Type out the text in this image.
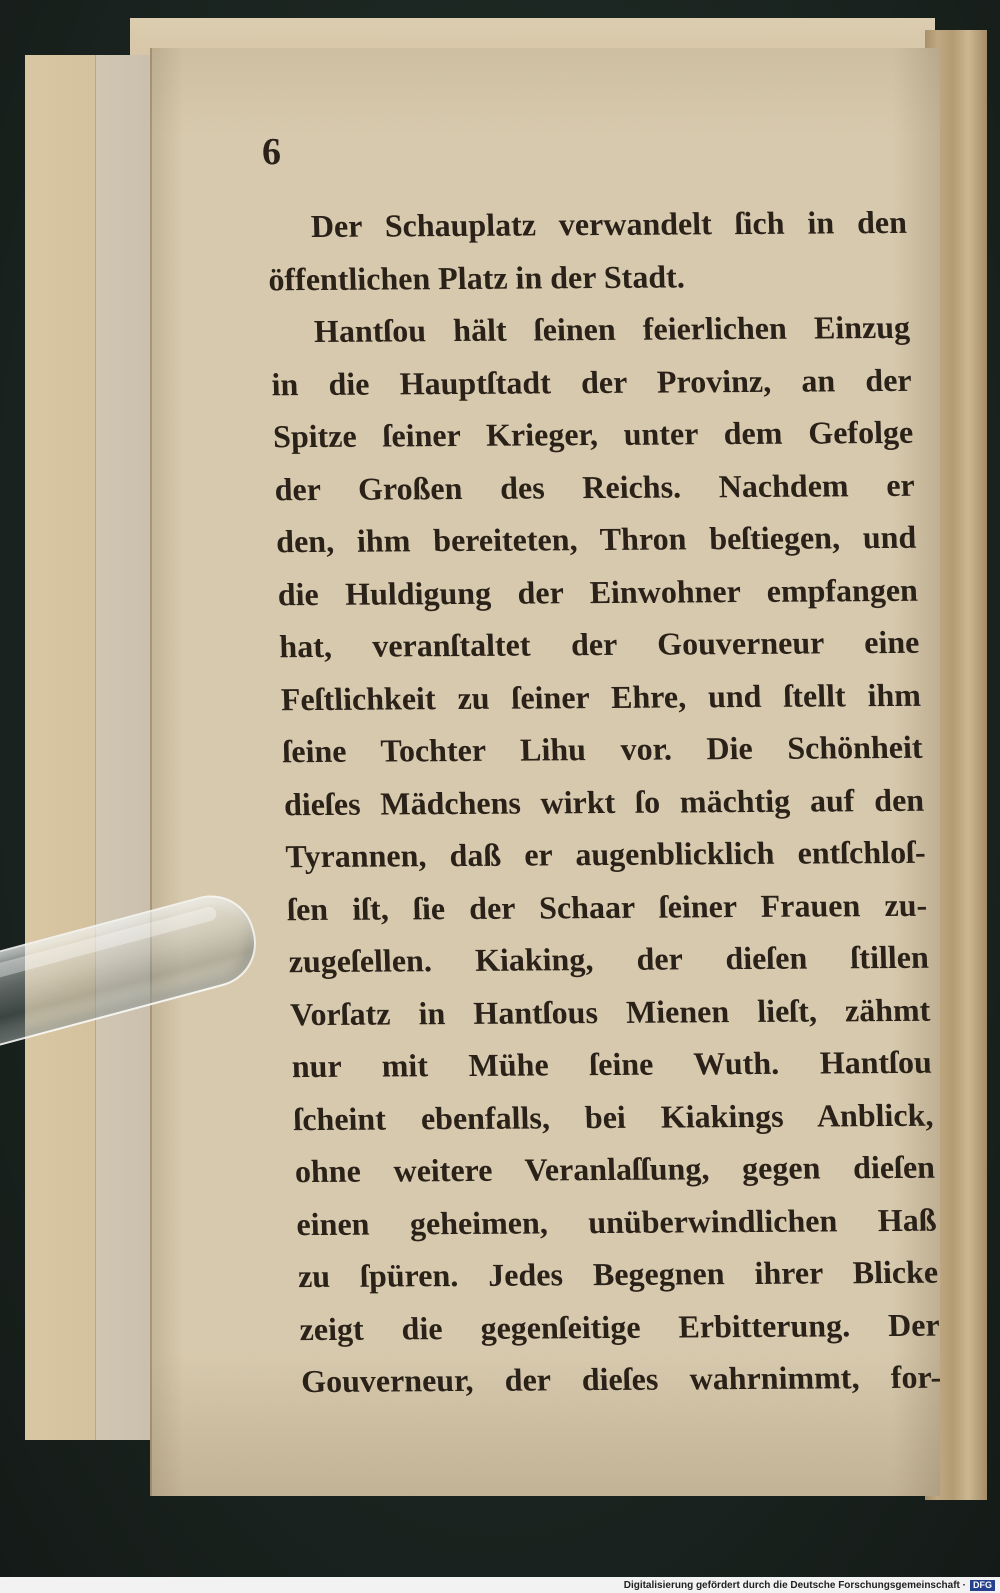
6
Der Schauplatz verwandelt ſich in den
öffentlichen Platz in der Stadt.
Hantſou hält ſeinen feierlichen Einzug
in die Hauptſtadt der Provinz, an der
Spitze ſeiner Krieger, unter dem Gefolge
der Großen des Reichs. Nachdem er
den, ihm bereiteten, Thron beſtiegen, und
die Huldigung der Einwohner empfangen
hat, veranſtaltet der Gouverneur eine
Feſtlichkeit zu ſeiner Ehre, und ſtellt ihm
ſeine Tochter Lihu vor. Die Schönheit
dieſes Mädchens wirkt ſo mächtig auf den
Tyrannen, daß er augenblicklich entſchloſ-
ſen iſt, ſie der Schaar ſeiner Frauen zu-
zugeſellen. Kiaking, der dieſen ſtillen
Vorſatz in Hantſous Mienen lieſt, zähmt
nur mit Mühe ſeine Wuth. Hantſou
ſcheint ebenfalls, bei Kiakings Anblick,
ohne weitere Veranlaſſung, gegen dieſen
einen geheimen, unüberwindlichen Haß
zu ſpüren. Jedes Begegnen ihrer Blicke
zeigt die gegenſeitige Erbitterung. Der
Gouverneur, der dieſes wahrnimmt, for-
Digitalisierung gefördert durch die Deutsche Forschungsgemeinschaft · DFG
